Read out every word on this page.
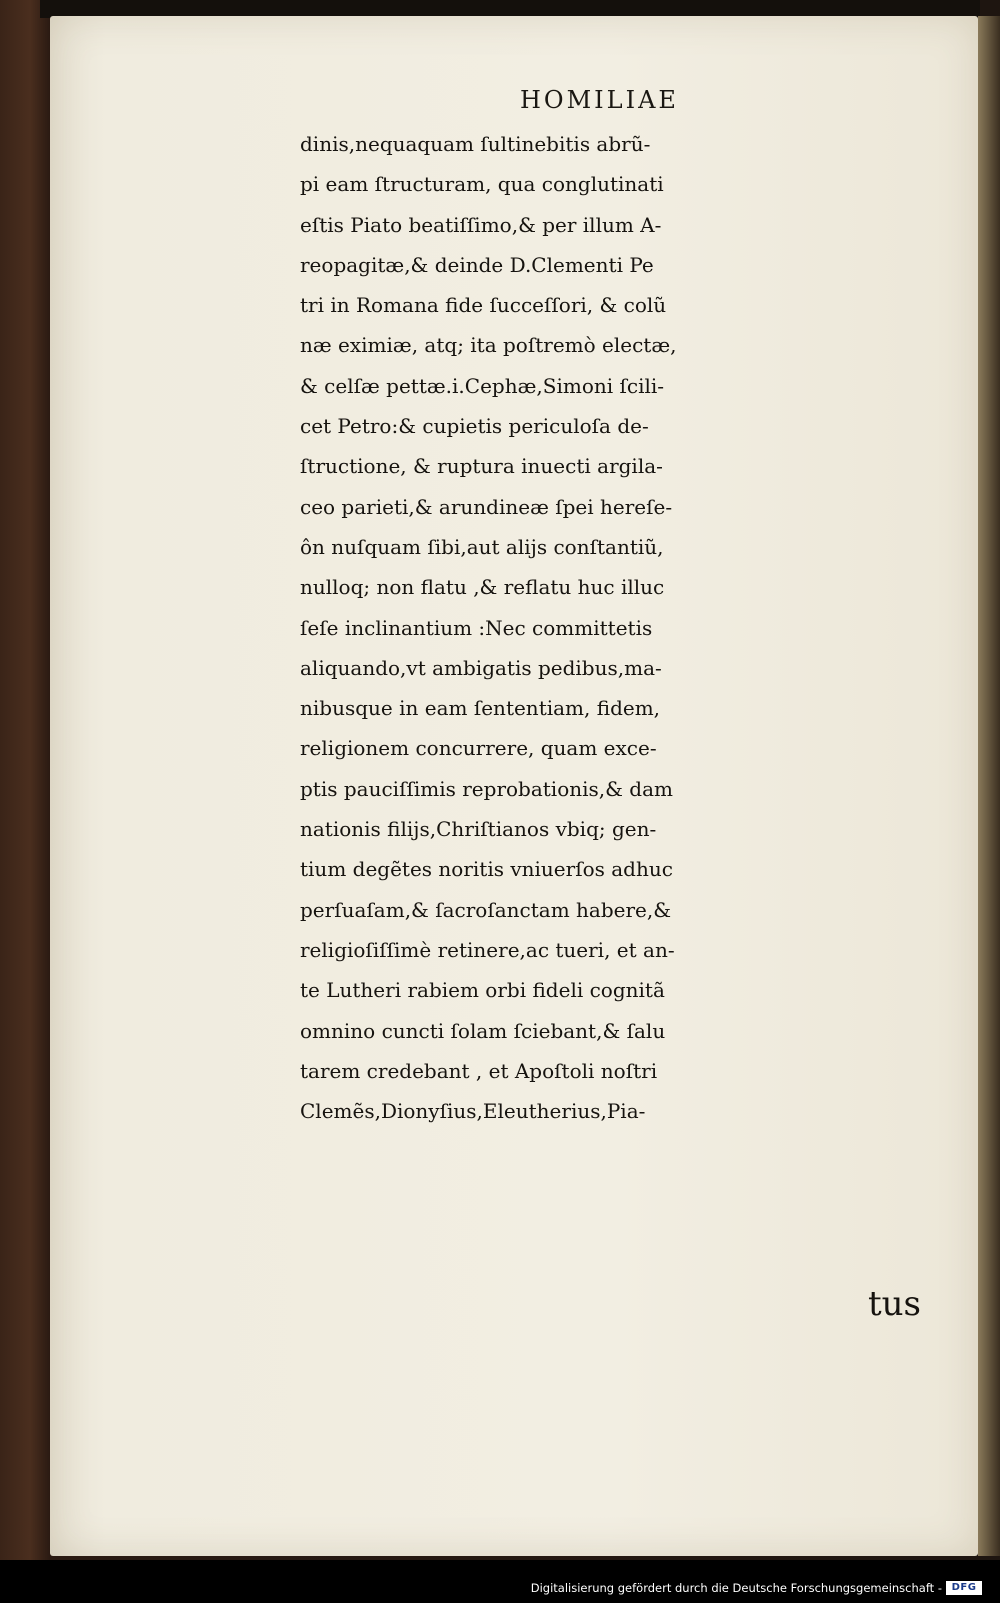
HOMILIAE
dinis,nequaquam ſultinebitis abrũ-
pi eam ſtructuram, qua conglutinati
eſtis Piato beatiſſimo,& per illum A-
reopagitæ,& deinde D.Clementi Pe
tri in Romana fide ſucceſſori, & colũ
næ eximiæ, atq; ita poſtremò electæ,
& celſæ pettæ.i.Cephæ,Simoni ſcili-
cet Petro:& cupietis periculoſa de-
ſtructione, & ruptura inuecti argila-
ceo parieti,& arundineæ ſpei hereſe-
ôn nuſquam ſibi,aut alijs conſtantiũ,
nulloq; non flatu ,& reflatu huc illuc
ſeſe inclinantium :Nec committetis
aliquando,vt ambigatis pedibus,ma-
nibusque in eam ſententiam, fidem,
religionem concurrere, quam exce-
ptis pauciſſimis reprobationis,& dam
nationis filijs,Chriſtianos vbiq; gen-
tium degẽtes noritis vniuerſos adhuc
perſuaſam,& ſacroſanctam habere,&
religioſiſſimè retinere,ac tueri, et an-
te Lutheri rabiem orbi fideli cognitã
omnino cuncti ſolam ſciebant,& ſalu
tarem credebant , et Apoſtoli noſtri
Clemẽs,Dionyſius,Eleutherius,Pia-
tus
Digitalisierung gefördert durch die Deutsche Forschungsgemeinschaft - DFG
